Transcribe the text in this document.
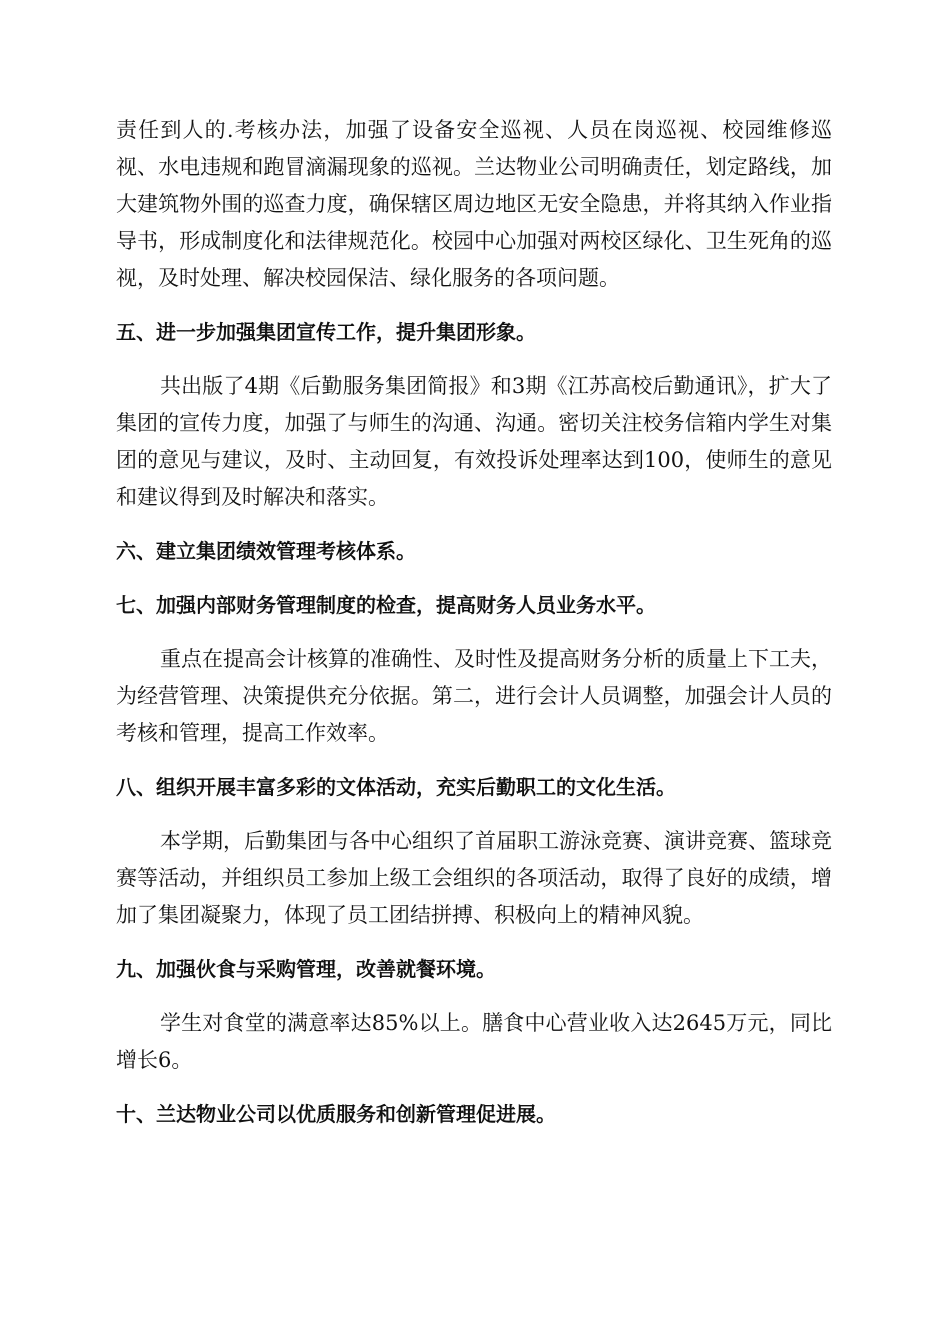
责任到人的.考核办法，加强了设备安全巡视、人员在岗巡视、校园维修巡视、水电违规和跑冒滴漏现象的巡视。兰达物业公司明确责任，划定路线，加大建筑物外围的巡查力度，确保辖区周边地区无安全隐患，并将其纳入作业指导书，形成制度化和法律规范化。校园中心加强对两校区绿化、卫生死角的巡视，及时处理、解决校园保洁、绿化服务的各项问题。

五、进一步加强集团宣传工作，提升集团形象。

共出版了4期《后勤服务集团简报》和3期《江苏高校后勤通讯》，扩大了集团的宣传力度，加强了与师生的沟通、沟通。密切关注校务信箱内学生对集团的意见与建议，及时、主动回复，有效投诉处理率达到100，使师生的意见和建议得到及时解决和落实。

六、建立集团绩效管理考核体系。

七、加强内部财务管理制度的检查，提高财务人员业务水平。

重点在提高会计核算的准确性、及时性及提高财务分析的质量上下工夫，为经营管理、决策提供充分依据。第二，进行会计人员调整，加强会计人员的考核和管理，提高工作效率。

八、组织开展丰富多彩的文体活动，充实后勤职工的文化生活。

本学期，后勤集团与各中心组织了首届职工游泳竞赛、演讲竞赛、篮球竞赛等活动，并组织员工参加上级工会组织的各项活动，取得了良好的成绩，增加了集团凝聚力，体现了员工团结拼搏、积极向上的精神风貌。

九、加强伙食与采购管理，改善就餐环境。

学生对食堂的满意率达85%以上。膳食中心营业收入达2645万元，同比增长6。

十、兰达物业公司以优质服务和创新管理促进展。
